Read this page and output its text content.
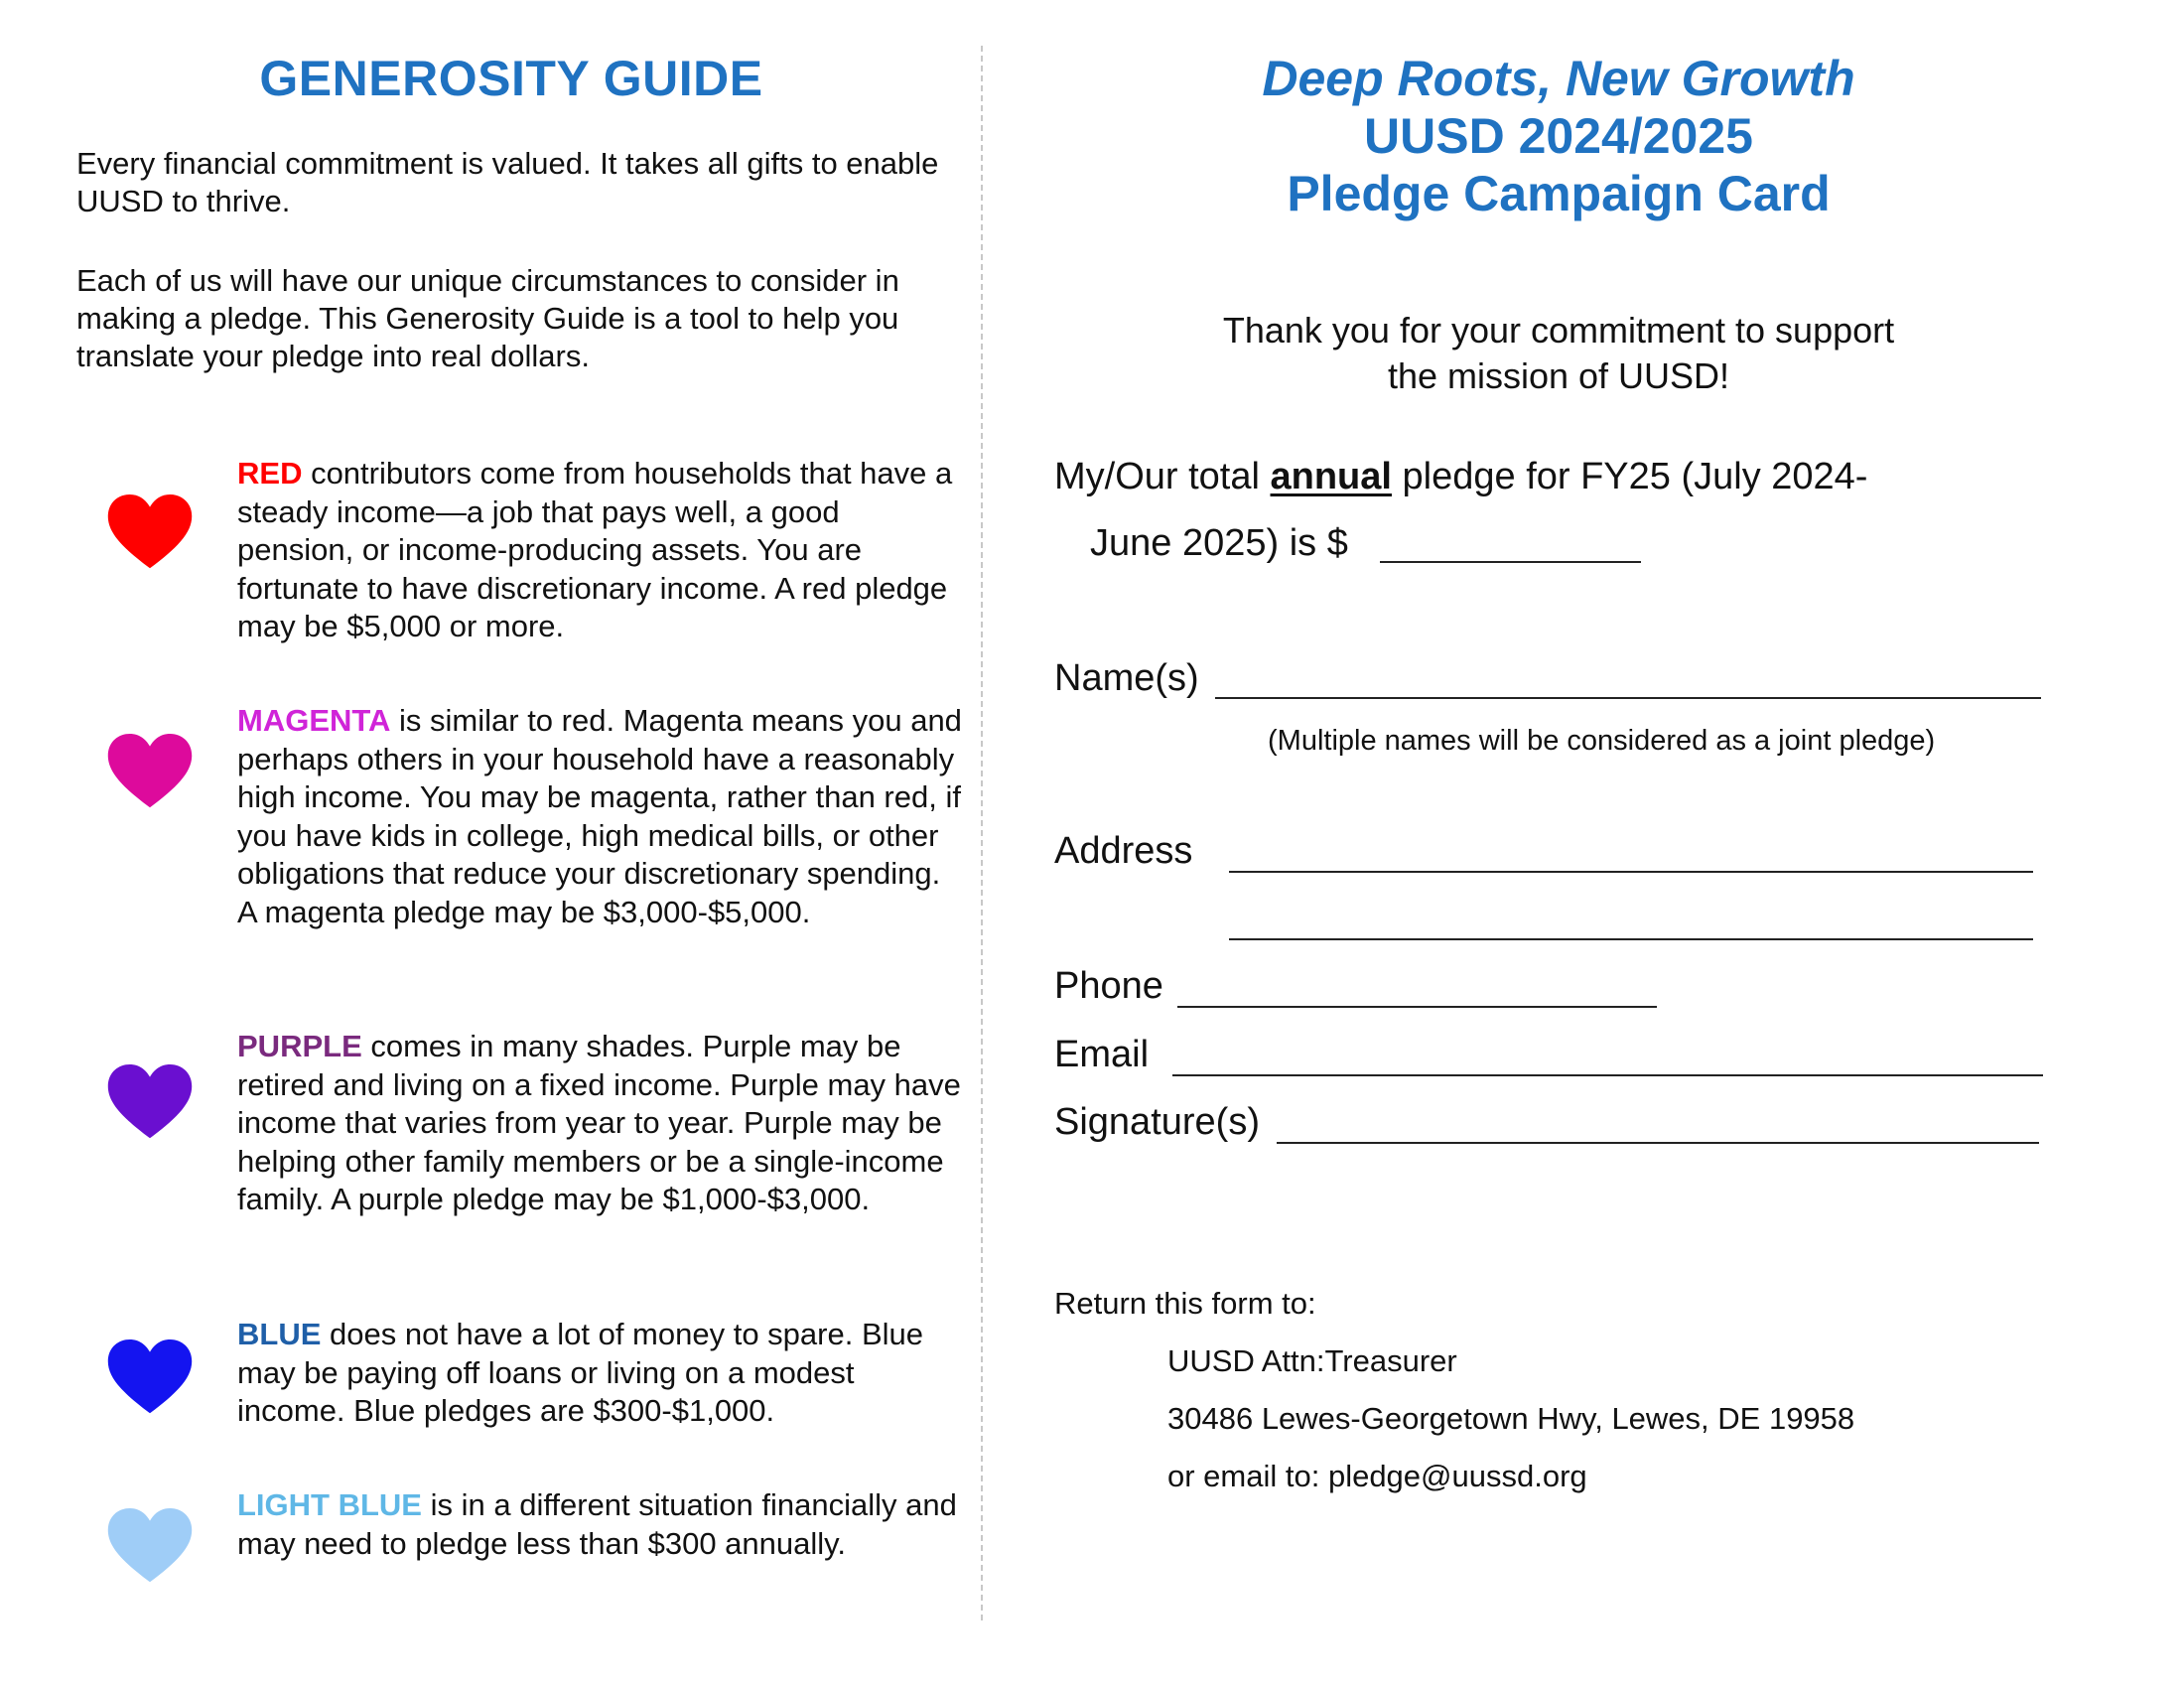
GENEROSITY GUIDE
Every financial commitment is valued. It takes all gifts to enable UUSD to thrive.
Each of us will have our unique circumstances to consider in making a pledge. This Generosity Guide is a tool to help you translate your pledge into real dollars.
RED contributors come from households that have a steady income—a job that pays well, a good pension, or income-producing assets. You are fortunate to have discretionary income. A red pledge may be $5,000 or more.
MAGENTA is similar to red. Magenta means you and perhaps others in your household have a reasonably high income. You may be magenta, rather than red, if you have kids in college, high medical bills, or other obligations that reduce your discretionary spending. A magenta pledge may be $3,000-$5,000.
PURPLE comes in many shades. Purple may be retired and living on a fixed income. Purple may have income that varies from year to year. Purple may be helping other family members or be a single-income family. A purple pledge may be $1,000-$3,000.
BLUE does not have a lot of money to spare. Blue may be paying off loans or living on a modest income. Blue pledges are $300-$1,000.
LIGHT BLUE is in a different situation financially and may need to pledge less than $300 annually.
Deep Roots, New Growth
UUSD 2024/2025
Pledge Campaign Card
Thank you for your commitment to support
the mission of UUSD!
My/Our total annual pledge for FY25 (July 2024-
June 2025) is $
Name(s)
(Multiple names will be considered as a joint pledge)
Address
Phone
Email
Signature(s)
Return this form to:
UUSD Attn:Treasurer
30486 Lewes-Georgetown Hwy, Lewes, DE 19958
or email to: pledge@uussd.org
